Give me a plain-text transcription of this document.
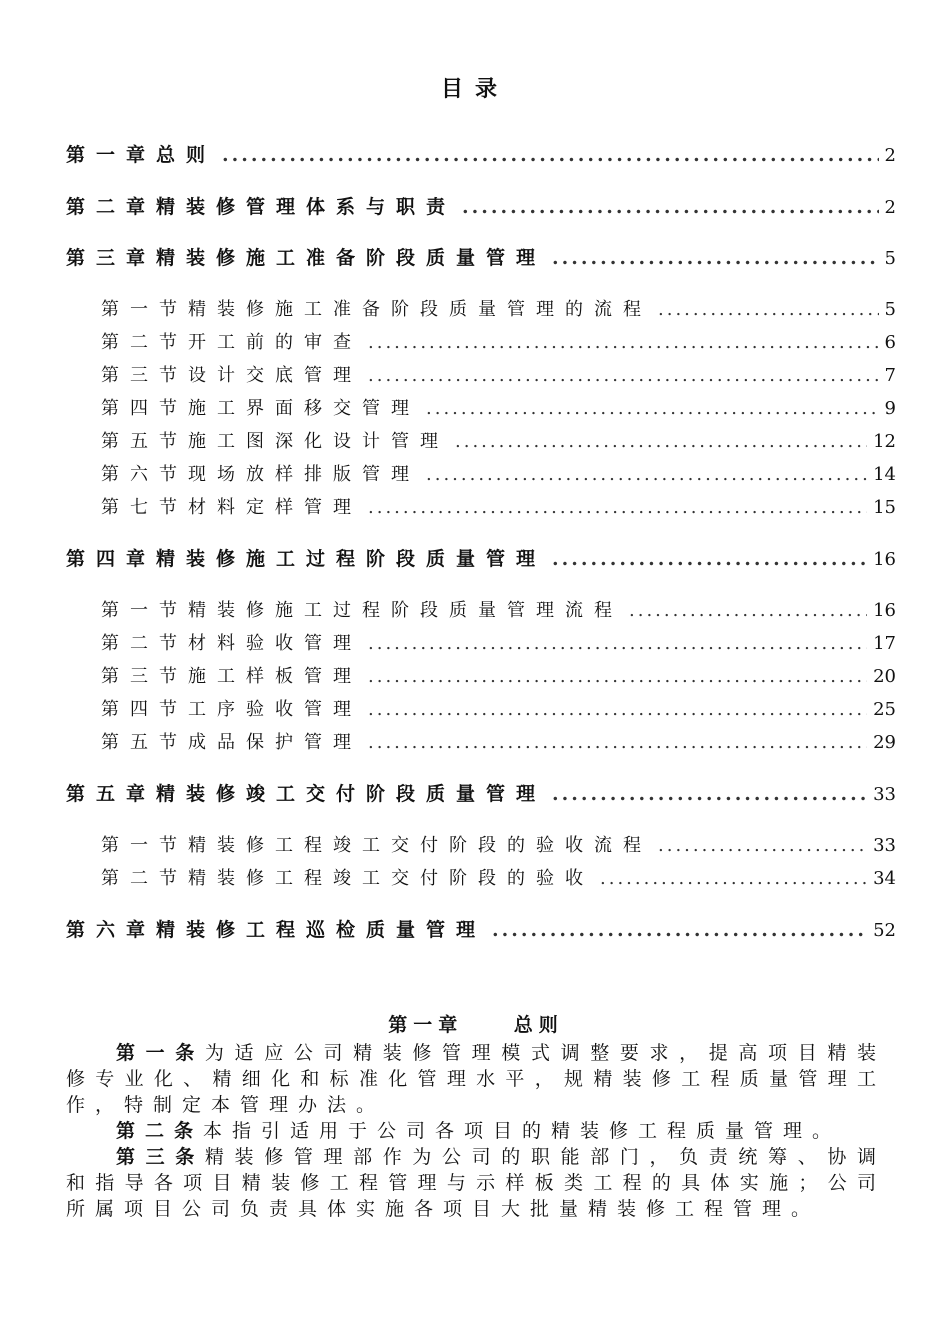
目录
第一章总则 .....	2
第二章精装修管理体系与职责 .....	2
第三章精装修施工准备阶段质量管理 .....	5
第一节精装修施工准备阶段质量管理的流程 .....	5
第二节开工前的审查 .....	6
第三节设计交底管理 .....	7
第四节施工界面移交管理 .....	9
第五节施工图深化设计管理 .....	12
第六节现场放样排版管理 .....	14
第七节材料定样管理 .....	15
第四章精装修施工过程阶段质量管理 .....	16
第一节精装修施工过程阶段质量管理流程 .....	16
第二节材料验收管理 .....	17
第三节施工样板管理 .....	20
第四节工序验收管理 .....	25
第五节成品保护管理 .....	29
第五章精装修竣工交付阶段质量管理 .....	33
第一节精装修工程竣工交付阶段的验收流程 .....	33
第二节精装修工程竣工交付阶段的验收 .....	34
第六章精装修工程巡检质量管理 .....	52
第一章    总则

第一条为适应公司精装修管理模式调整要求，提高项目精装修专业化、精细化和标准化管理水平，规精装修工程质量管理工作，特制定本管理办法。

第二条本指引适用于公司各项目的精装修工程质量管理。

第三条精装修管理部作为公司的职能部门，负责统筹、协调和指导各项目精装修工程管理与示样板类工程的具体实施；公司所属项目公司负责具体实施各项目大批量精装修工程管理。
